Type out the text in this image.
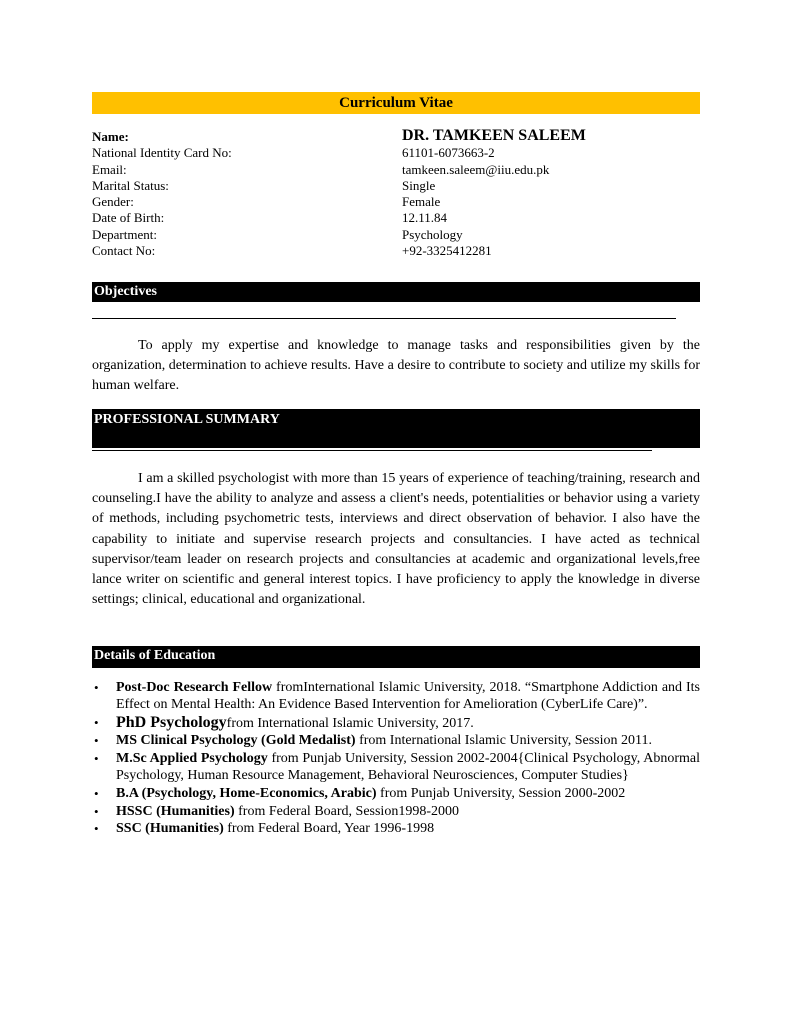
Curriculum Vitae
Name:	DR. TAMKEEN SALEEM
National Identity Card No:	61101-6073663-2
Email:	tamkeen.saleem@iiu.edu.pk
Marital Status:	Single
Gender:	Female
Date of Birth:	12.11.84
Department:	Psychology
Contact No:	+92-3325412281
Objectives

To apply my expertise and knowledge to manage tasks and responsibilities given by the organization, determination to achieve results. Have a desire to contribute to society and utilize my skills for human welfare.

PROFESSIONAL SUMMARY

I am a skilled psychologist with more than 15 years of experience of teaching/training, research and counseling.I have the ability to analyze and assess a client's needs, potentialities or behavior using a variety of methods, including psychometric tests, interviews and direct observation of behavior. I also have the capability to initiate and supervise research projects and consultancies. I have acted as technical supervisor/team leader on research projects and consultancies at academic and organizational levels,free lance writer on scientific and general interest topics. I have proficiency to apply the knowledge in diverse settings; clinical, educational and organizational.

Details of Education
• Post-Doc Research Fellow fromInternational Islamic University, 2018. “Smartphone Addiction and Its Effect on Mental Health: An Evidence Based Intervention for Amelioration (CyberLife Care)”.
• PhD Psychologyfrom International Islamic University, 2017.
• MS Clinical Psychology (Gold Medalist) from International Islamic University, Session 2011.
• M.Sc Applied Psychology from Punjab University, Session 2002-2004{Clinical Psychology, Abnormal Psychology, Human Resource Management, Behavioral Neurosciences, Computer Studies}
• B.A (Psychology, Home-Economics, Arabic) from Punjab University, Session 2000-2002
• HSSC (Humanities) from Federal Board, Session1998-2000
• SSC (Humanities) from Federal Board, Year 1996-1998
